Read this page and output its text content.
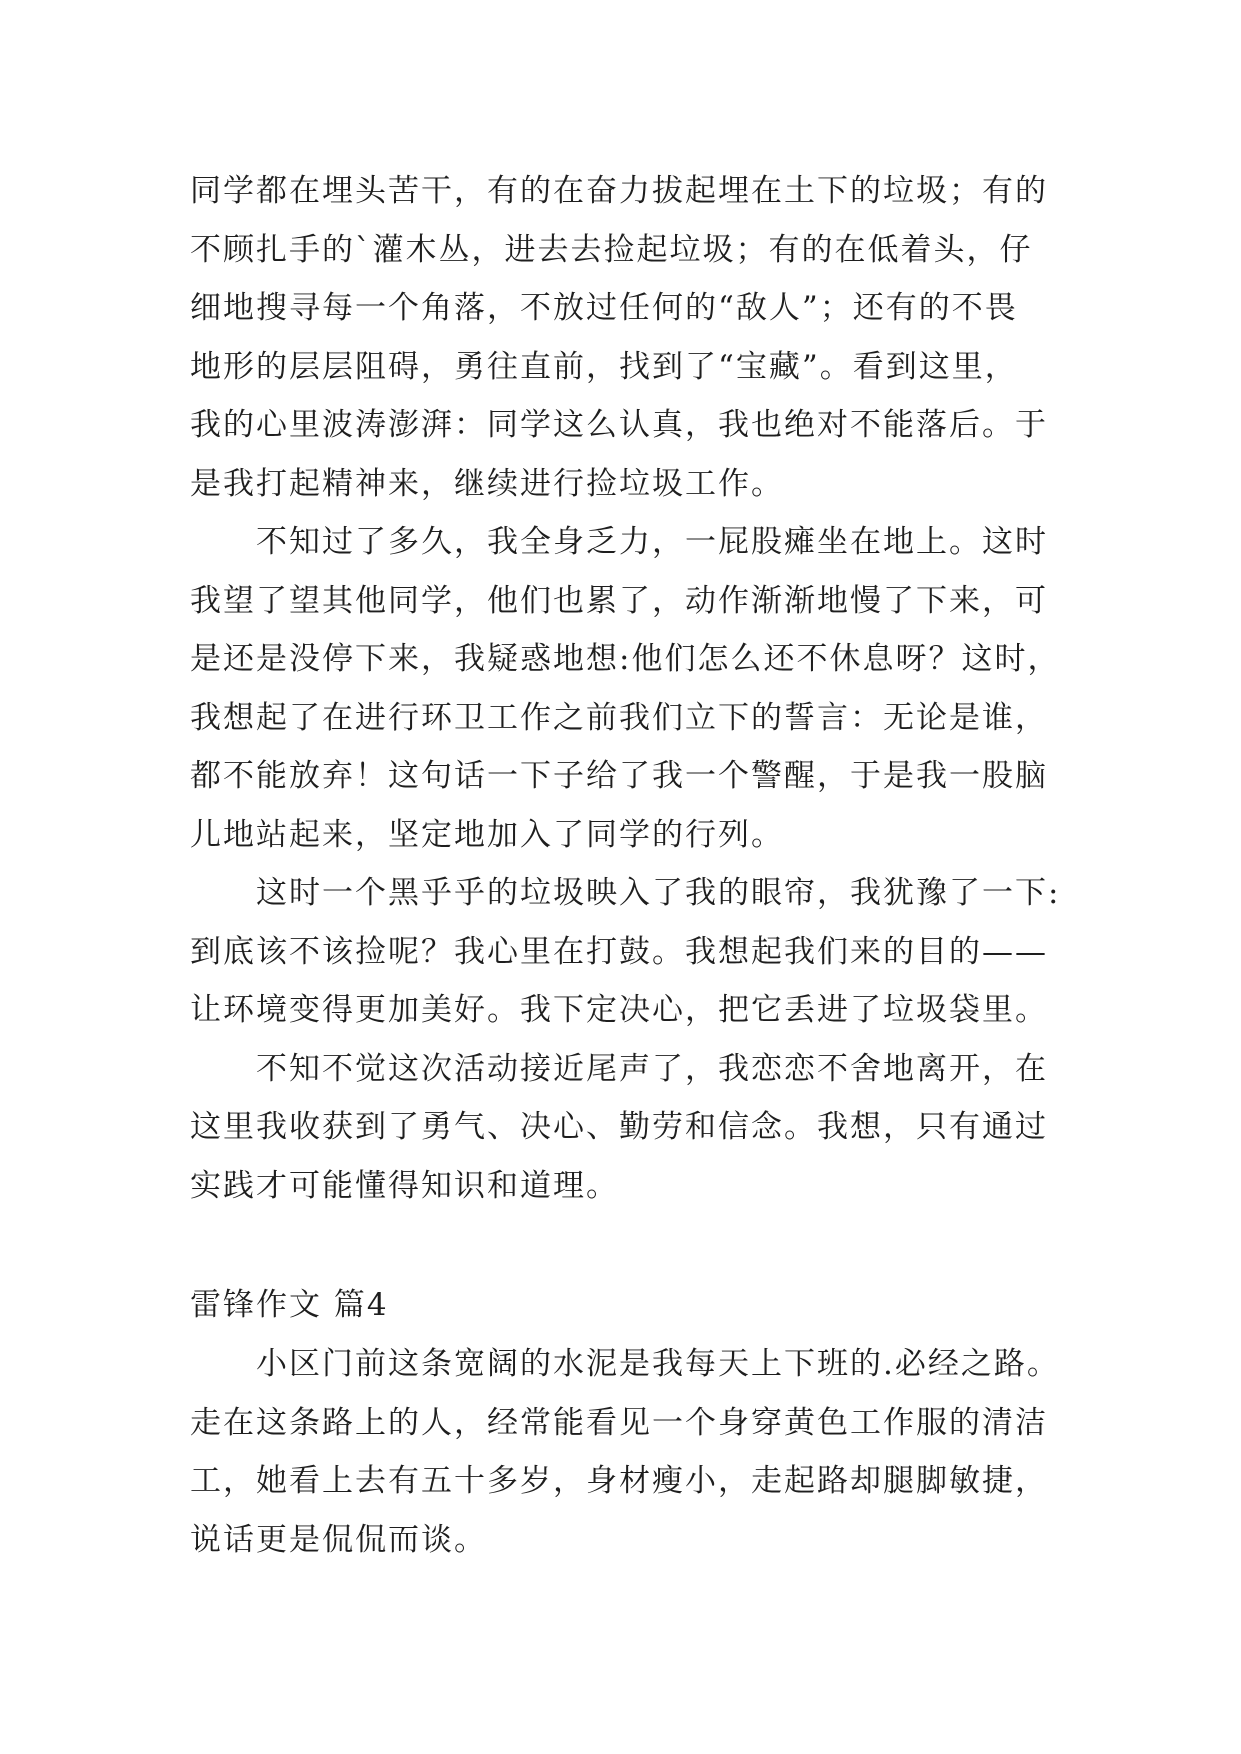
同学都在埋头苦干，有的在奋力拔起埋在土下的垃圾；有的
不顾扎手的`灌木丛，进去去捡起垃圾；有的在低着头，仔
细地搜寻每一个角落，不放过任何的“敌人”；还有的不畏
地形的层层阻碍，勇往直前，找到了“宝藏”。看到这里，
我的心里波涛澎湃：同学这么认真，我也绝对不能落后。于
是我打起精神来，继续进行捡垃圾工作。
不知过了多久，我全身乏力，一屁股瘫坐在地上。这时
我望了望其他同学，他们也累了，动作渐渐地慢了下来，可
是还是没停下来，我疑惑地想:他们怎么还不休息呀？这时，
我想起了在进行环卫工作之前我们立下的誓言：无论是谁，
都不能放弃！这句话一下子给了我一个警醒，于是我一股脑
儿地站起来，坚定地加入了同学的行列。
这时一个黑乎乎的垃圾映入了我的眼帘，我犹豫了一下:
到底该不该捡呢？我心里在打鼓。我想起我们来的目的——
让环境变得更加美好。我下定决心，把它丢进了垃圾袋里。
不知不觉这次活动接近尾声了，我恋恋不舍地离开，在
这里我收获到了勇气、决心、勤劳和信念。我想，只有通过
实践才可能懂得知识和道理。
雷锋作文 篇4
小区门前这条宽阔的水泥是我每天上下班的.必经之路。
走在这条路上的人，经常能看见一个身穿黄色工作服的清洁
工，她看上去有五十多岁，身材瘦小，走起路却腿脚敏捷，
说话更是侃侃而谈。
